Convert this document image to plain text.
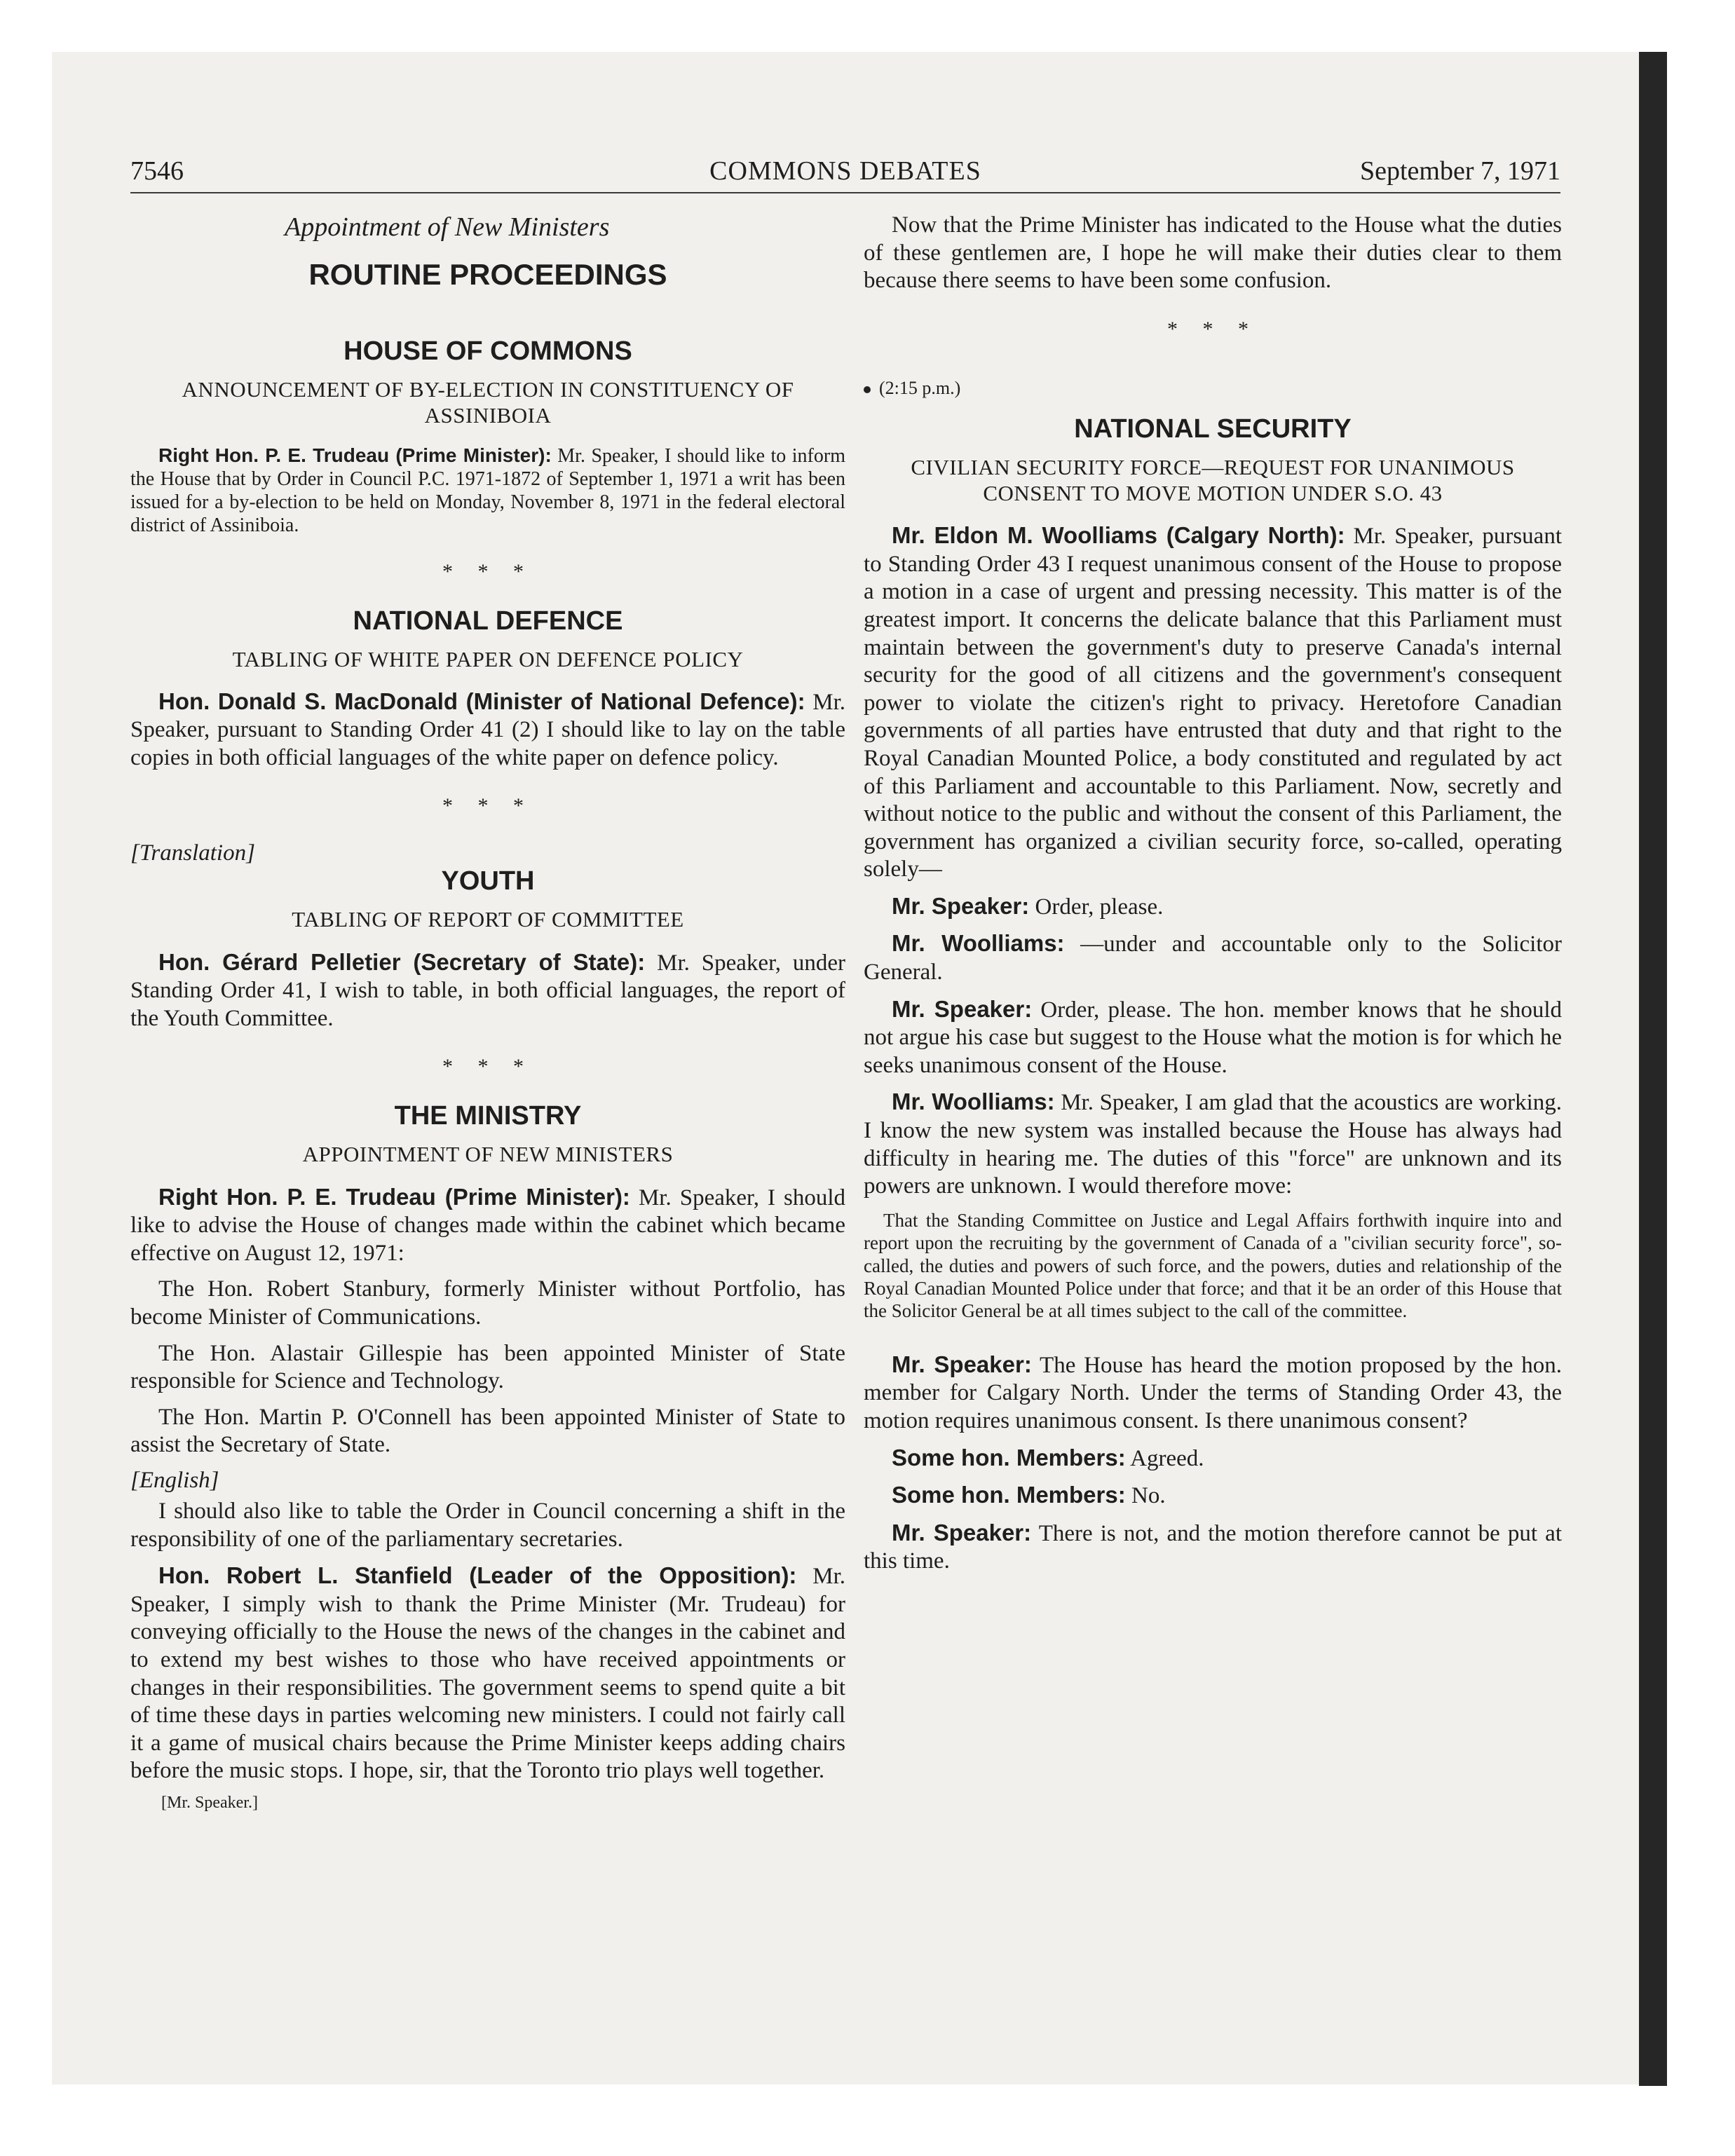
7546	COMMONS DEBATES	September 7, 1971
Appointment of New Ministers
ROUTINE PROCEEDINGS
HOUSE OF COMMONS
ANNOUNCEMENT OF BY-ELECTION IN CONSTITUENCY OF ASSINIBOIA

Right Hon. P. E. Trudeau (Prime Minister): Mr. Speaker, I should like to inform the House that by Order in Council P.C. 1971-1872 of September 1, 1971 a writ has been issued for a by-election to be held on Monday, November 8, 1971 in the federal electoral district of Assiniboia.

* * *
NATIONAL DEFENCE
TABLING OF WHITE PAPER ON DEFENCE POLICY

Hon. Donald S. MacDonald (Minister of National Defence): Mr. Speaker, pursuant to Standing Order 41 (2) I should like to lay on the table copies in both official languages of the white paper on defence policy.

* * *
[Translation]
YOUTH
TABLING OF REPORT OF COMMITTEE

Hon. Gérard Pelletier (Secretary of State): Mr. Speaker, under Standing Order 41, I wish to table, in both official languages, the report of the Youth Committee.

* * *
THE MINISTRY
APPOINTMENT OF NEW MINISTERS

Right Hon. P. E. Trudeau (Prime Minister): Mr. Speaker, I should like to advise the House of changes made within the cabinet which became effective on August 12, 1971:

The Hon. Robert Stanbury, formerly Minister without Portfolio, has become Minister of Communications.

The Hon. Alastair Gillespie has been appointed Minister of State responsible for Science and Technology.

The Hon. Martin P. O'Connell has been appointed Minister of State to assist the Secretary of State.

[English]

I should also like to table the Order in Council concerning a shift in the responsibility of one of the parliamentary secretaries.

Hon. Robert L. Stanfield (Leader of the Opposition): Mr. Speaker, I simply wish to thank the Prime Minister (Mr. Trudeau) for conveying officially to the House the news of the changes in the cabinet and to extend my best wishes to those who have received appointments or changes in their responsibilities. The government seems to spend quite a bit of time these days in parties welcoming new ministers. I could not fairly call it a game of musical chairs because the Prime Minister keeps adding chairs before the music stops. I hope, sir, that the Toronto trio plays well together.

[Mr. Speaker.]

Now that the Prime Minister has indicated to the House what the duties of these gentlemen are, I hope he will make their duties clear to them because there seems to have been some confusion.

* * *
(2:15 p.m.)
NATIONAL SECURITY
CIVILIAN SECURITY FORCE—REQUEST FOR UNANIMOUS CONSENT TO MOVE MOTION UNDER S.O. 43

Mr. Eldon M. Woolliams (Calgary North): Mr. Speaker, pursuant to Standing Order 43 I request unanimous consent of the House to propose a motion in a case of urgent and pressing necessity. This matter is of the greatest import. It concerns the delicate balance that this Parliament must maintain between the government's duty to preserve Canada's internal security for the good of all citizens and the government's consequent power to violate the citizen's right to privacy. Heretofore Canadian governments of all parties have entrusted that duty and that right to the Royal Canadian Mounted Police, a body constituted and regulated by act of this Parliament and accountable to this Parliament. Now, secretly and without notice to the public and without the consent of this Parliament, the government has organized a civilian security force, so-called, operating solely—

Mr. Speaker: Order, please.

Mr. Woolliams: —under and accountable only to the Solicitor General.

Mr. Speaker: Order, please. The hon. member knows that he should not argue his case but suggest to the House what the motion is for which he seeks unanimous consent of the House.

Mr. Woolliams: Mr. Speaker, I am glad that the acoustics are working. I know the new system was installed because the House has always had difficulty in hearing me. The duties of this "force" are unknown and its powers are unknown. I would therefore move:

That the Standing Committee on Justice and Legal Affairs forthwith inquire into and report upon the recruiting by the government of Canada of a "civilian security force", so-called, the duties and powers of such force, and the powers, duties and relationship of the Royal Canadian Mounted Police under that force; and that it be an order of this House that the Solicitor General be at all times subject to the call of the committee.

Mr. Speaker: The House has heard the motion proposed by the hon. member for Calgary North. Under the terms of Standing Order 43, the motion requires unanimous consent. Is there unanimous consent?

Some hon. Members: Agreed.

Some hon. Members: No.

Mr. Speaker: There is not, and the motion therefore cannot be put at this time.
